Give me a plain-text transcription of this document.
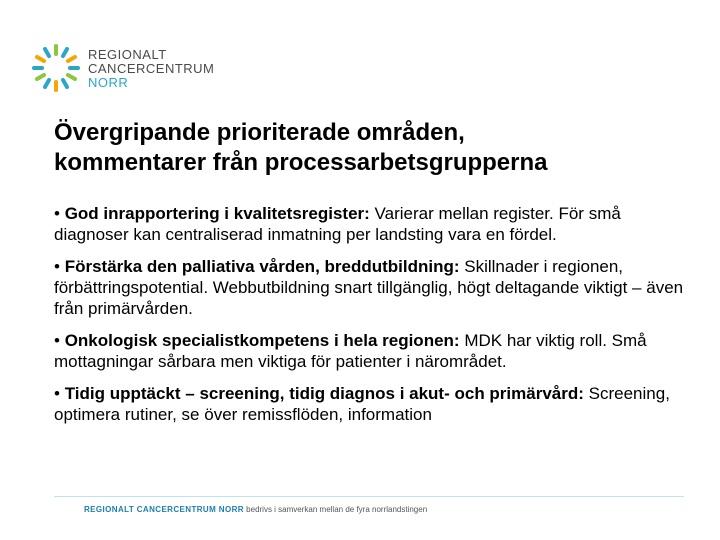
REGIONALT
CANCERCENTRUM
NORR
Övergripande prioriterade områden,
kommentarer från processarbetsgrupperna

• God inrapportering i kvalitetsregister: Varierar mellan register. För små diagnoser kan centraliserad inmatning per landsting vara en fördel.

• Förstärka den palliativa vården, breddutbildning: Skillnader i regionen, förbättringspotential. Webbutbildning snart tillgänglig, högt deltagande viktigt – även från primärvården.

• Onkologisk specialistkompetens i hela regionen: MDK har viktig roll. Små mottagningar sårbara men viktiga för patienter i närområdet.

• Tidig upptäckt – screening, tidig diagnos i akut- och primärvård: Screening, optimera rutiner, se över remissflöden, information

REGIONALT CANCERCENTRUM NORR bedrivs i samverkan mellan de fyra norrlandstingen
